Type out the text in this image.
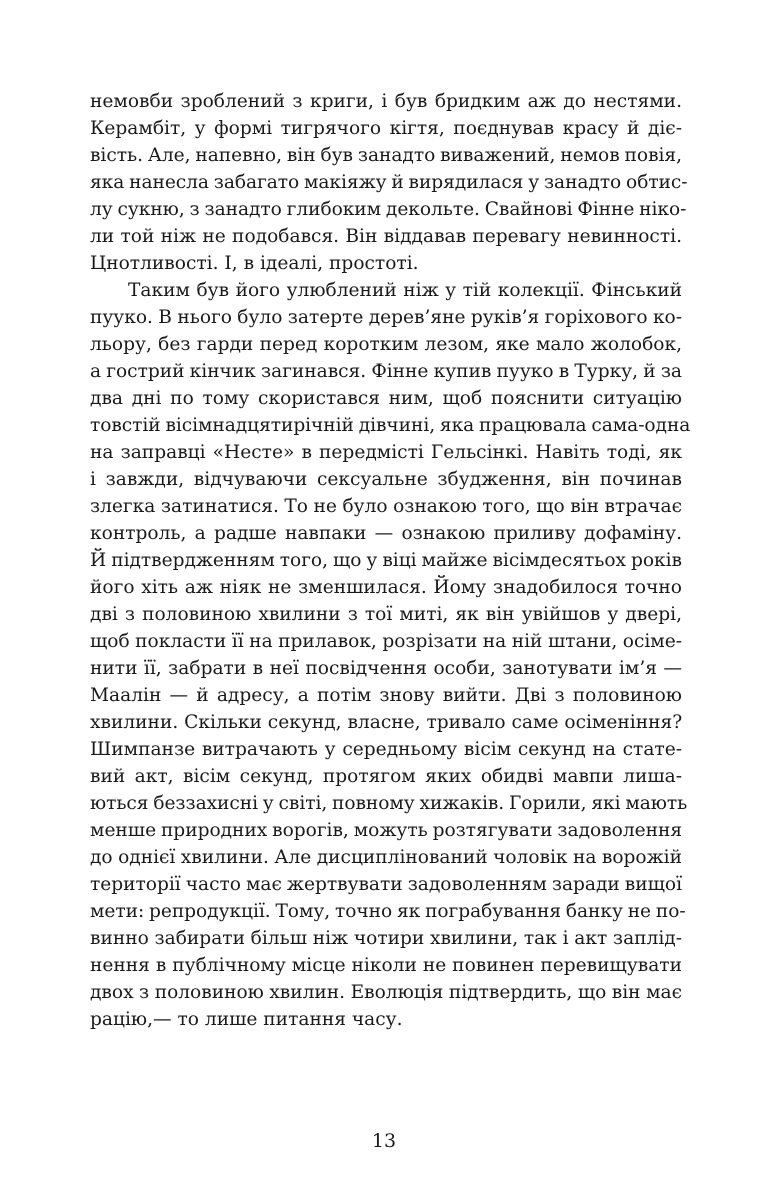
немовби зроблений з криги, і був бридким аж до нестями.
Керамбіт, у формі тигрячого кігтя, поєднував красу й діє-
вість. Але, напевно, він був занадто виважений, немов повія,
яка нанесла забагато макіяжу й вирядилася у занадто обтис-
лу сукню, з занадто глибоким декольте. Свайнові Фінне ніко-
ли той ніж не подобався. Він віддавав перевагу невинності.
Цнотливості. І, в ідеалі, простоті.
Таким був його улюблений ніж у тій колекції. Фінський
пууко. В нього було затерте дерев’яне руків’я горіхового ко-
льору, без гарди перед коротким лезом, яке мало жолобок,
а гострий кінчик загинався. Фінне купив пууко в Турку, й за
два дні по тому скористався ним, щоб пояснити ситуацію
товстій вісімнадцятирічній дівчині, яка працювала сама-одна
на заправці «Несте» в передмісті Гельсінкі. Навіть тоді, як
і завжди, відчуваючи сексуальне збудження, він починав
злегка затинатися. То не було ознакою того, що він втрачає
контроль, а радше навпаки — ознакою приливу дофаміну.
Й підтвердженням того, що у віці майже вісімдесятьох років
його хіть аж ніяк не зменшилася. Йому знадобилося точно
дві з половиною хвилини з тої миті, як він увійшов у двері,
щоб покласти її на прилавок, розрізати на ній штани, осіме-
нити її, забрати в неї посвідчення особи, занотувати ім’я —
Маалін — й адресу, а потім знову вийти. Дві з половиною
хвилини. Скільки секунд, власне, тривало саме осіменіння?
Шимпанзе витрачають у середньому вісім секунд на стате-
вий акт, вісім секунд, протягом яких обидві мавпи лиша-
ються беззахисні у світі, повному хижаків. Горили, які мають
менше природних ворогів, можуть розтягувати задоволення
до однієї хвилини. Але дисциплінований чоловік на ворожій
території часто має жертвувати задоволенням заради вищої
мети: репродукції. Тому, точно як пограбування банку не по-
винно забирати більш ніж чотири хвилини, так і акт заплід-
нення в публічному місце ніколи не повинен перевищувати
двох з половиною хвилин. Еволюція підтвердить, що він має
рацію,— то лише питання часу.
13
